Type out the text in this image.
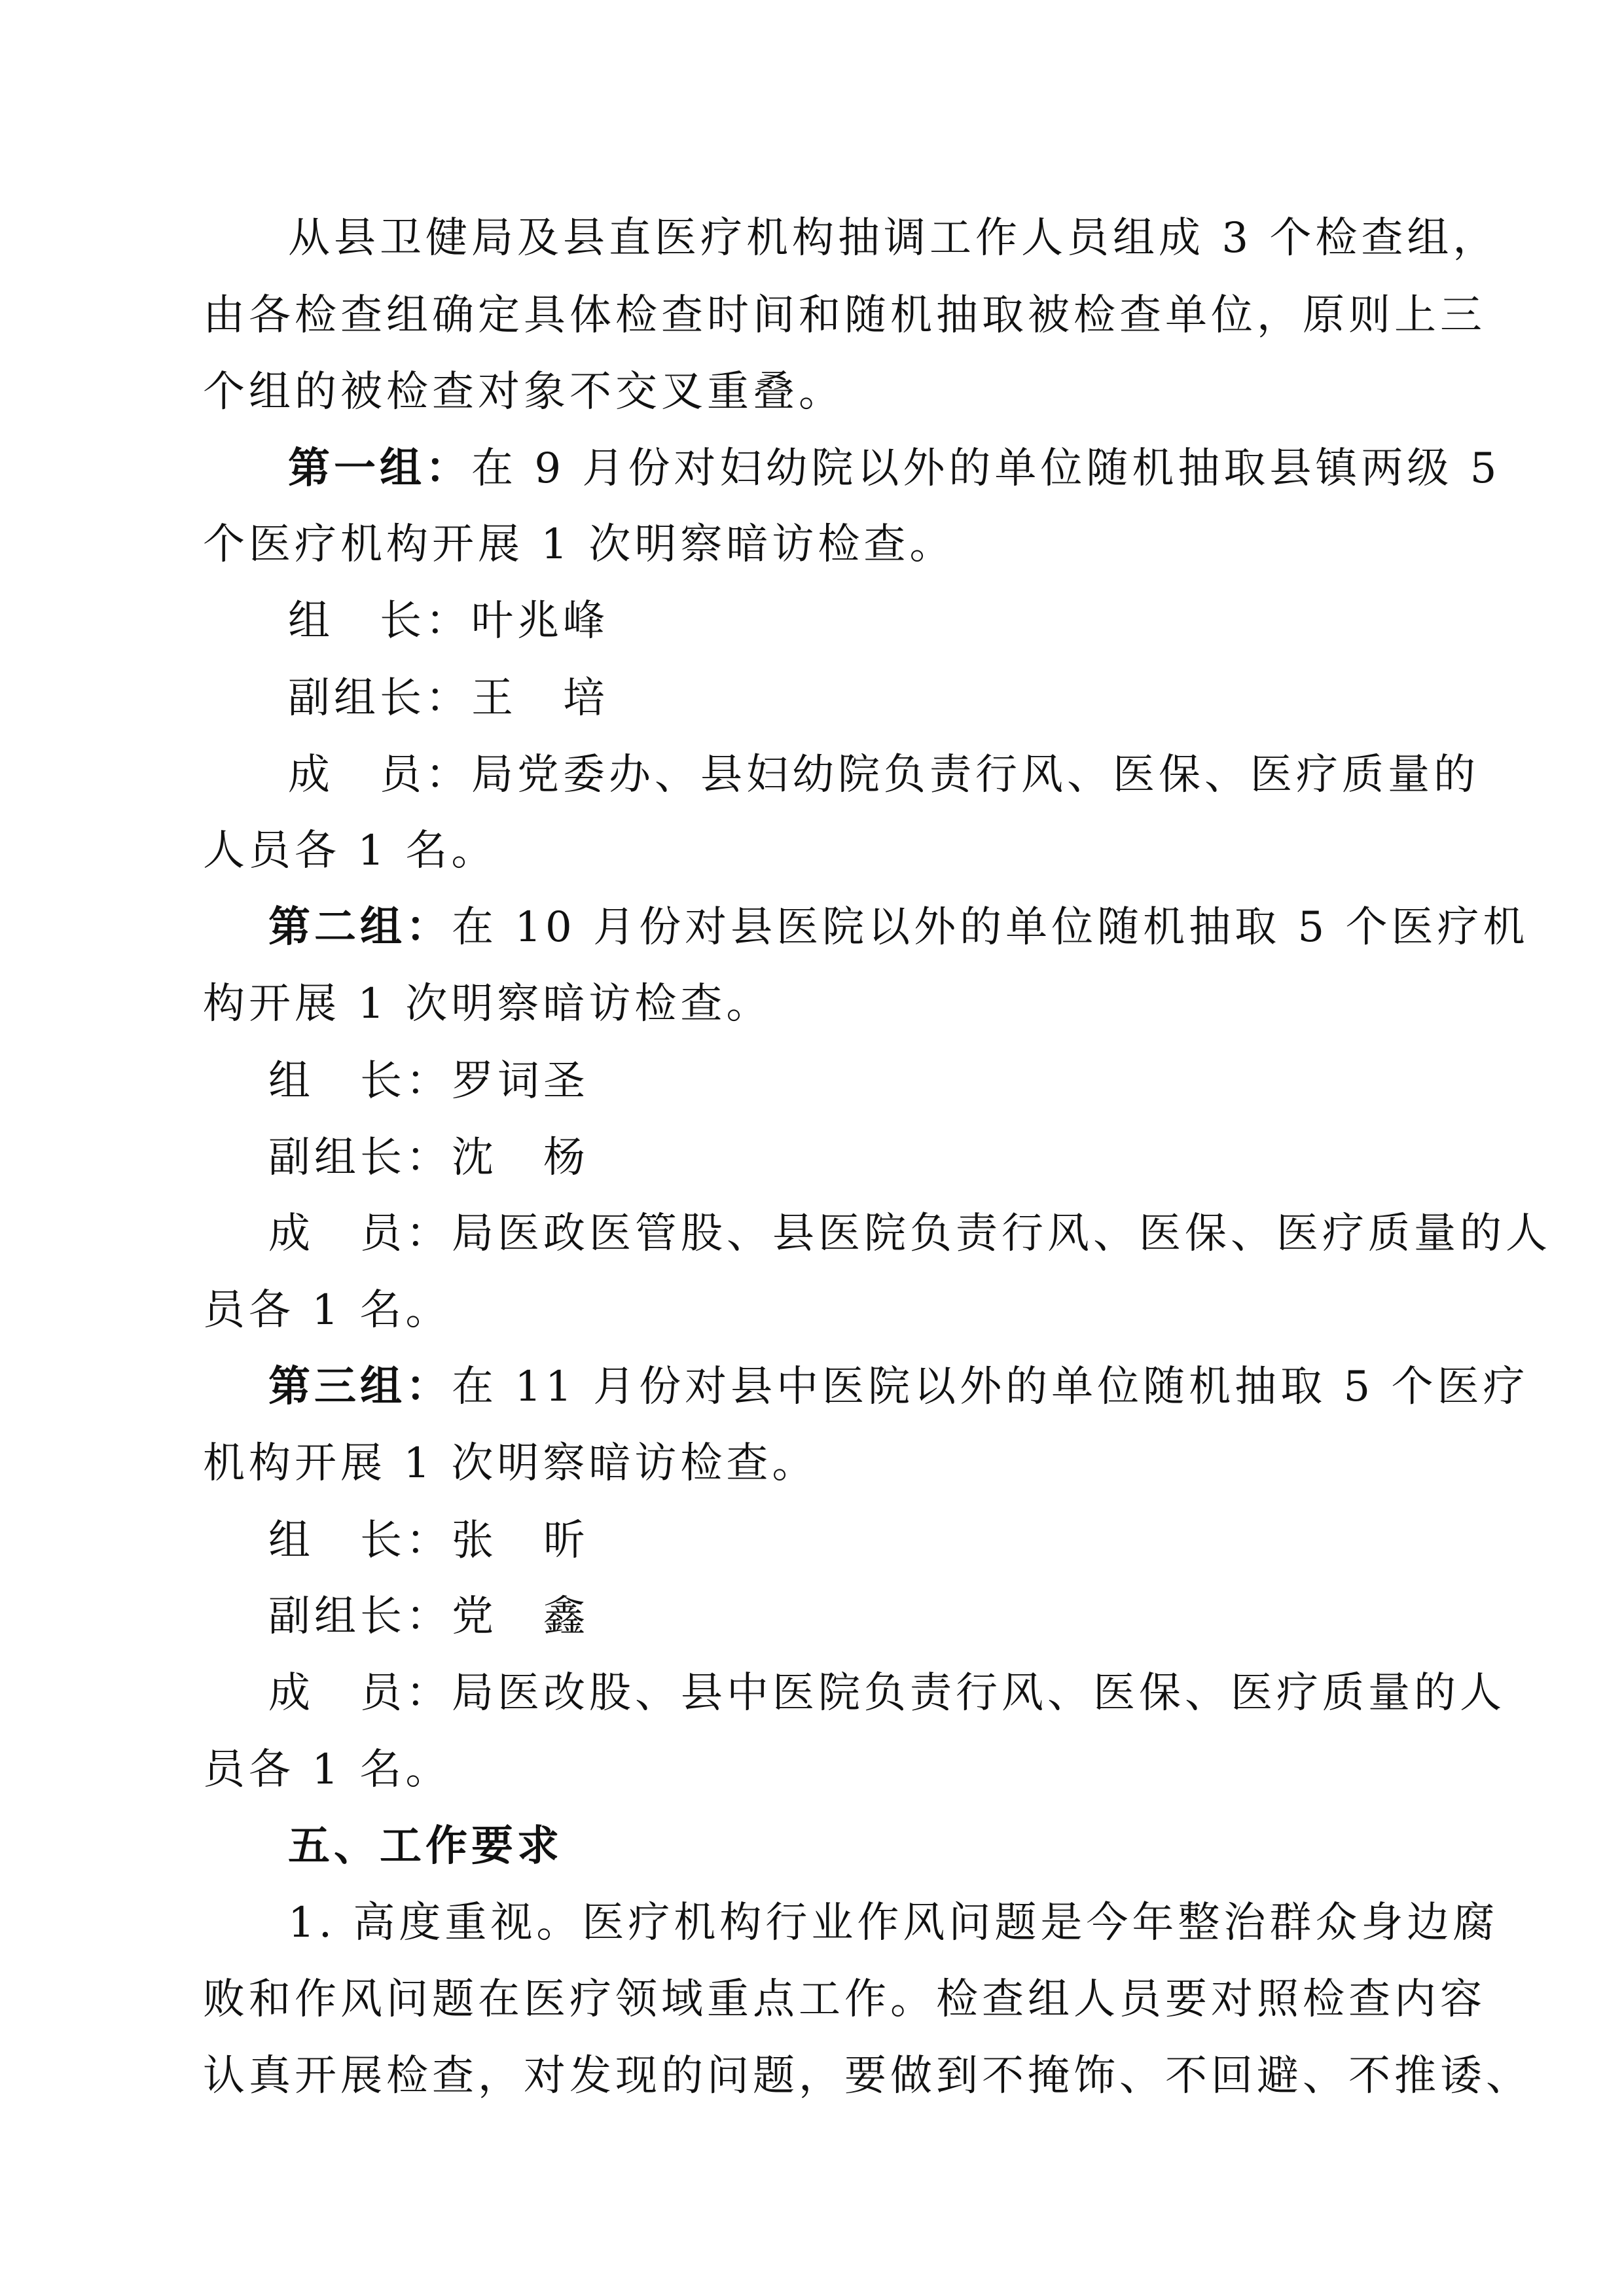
从县卫健局及县直医疗机构抽调工作人员组成 3 个检查组，
由各检查组确定具体检查时间和随机抽取被检查单位，原则上三
个组的被检查对象不交叉重叠。
第一组：在 9 月份对妇幼院以外的单位随机抽取县镇两级 5
个医疗机构开展 1 次明察暗访检查。
组　长：叶兆峰
副组长：王　培
成　员：局党委办、县妇幼院负责行风、医保、医疗质量的
人员各 1 名。
第二组：在 10 月份对县医院以外的单位随机抽取 5 个医疗机
构开展 1 次明察暗访检查。
组　长：罗词圣
副组长：沈　杨
成　员：局医政医管股、县医院负责行风、医保、医疗质量的人
员各 1 名。
第三组：在 11 月份对县中医院以外的单位随机抽取 5 个医疗
机构开展 1 次明察暗访检查。
组　长：张　昕
副组长：党　鑫
成　员：局医改股、县中医院负责行风、医保、医疗质量的人
员各 1 名。
五、工作要求
1. 高度重视。医疗机构行业作风问题是今年整治群众身边腐
败和作风问题在医疗领域重点工作。检查组人员要对照检查内容
认真开展检查，对发现的问题，要做到不掩饰、不回避、不推诿、
